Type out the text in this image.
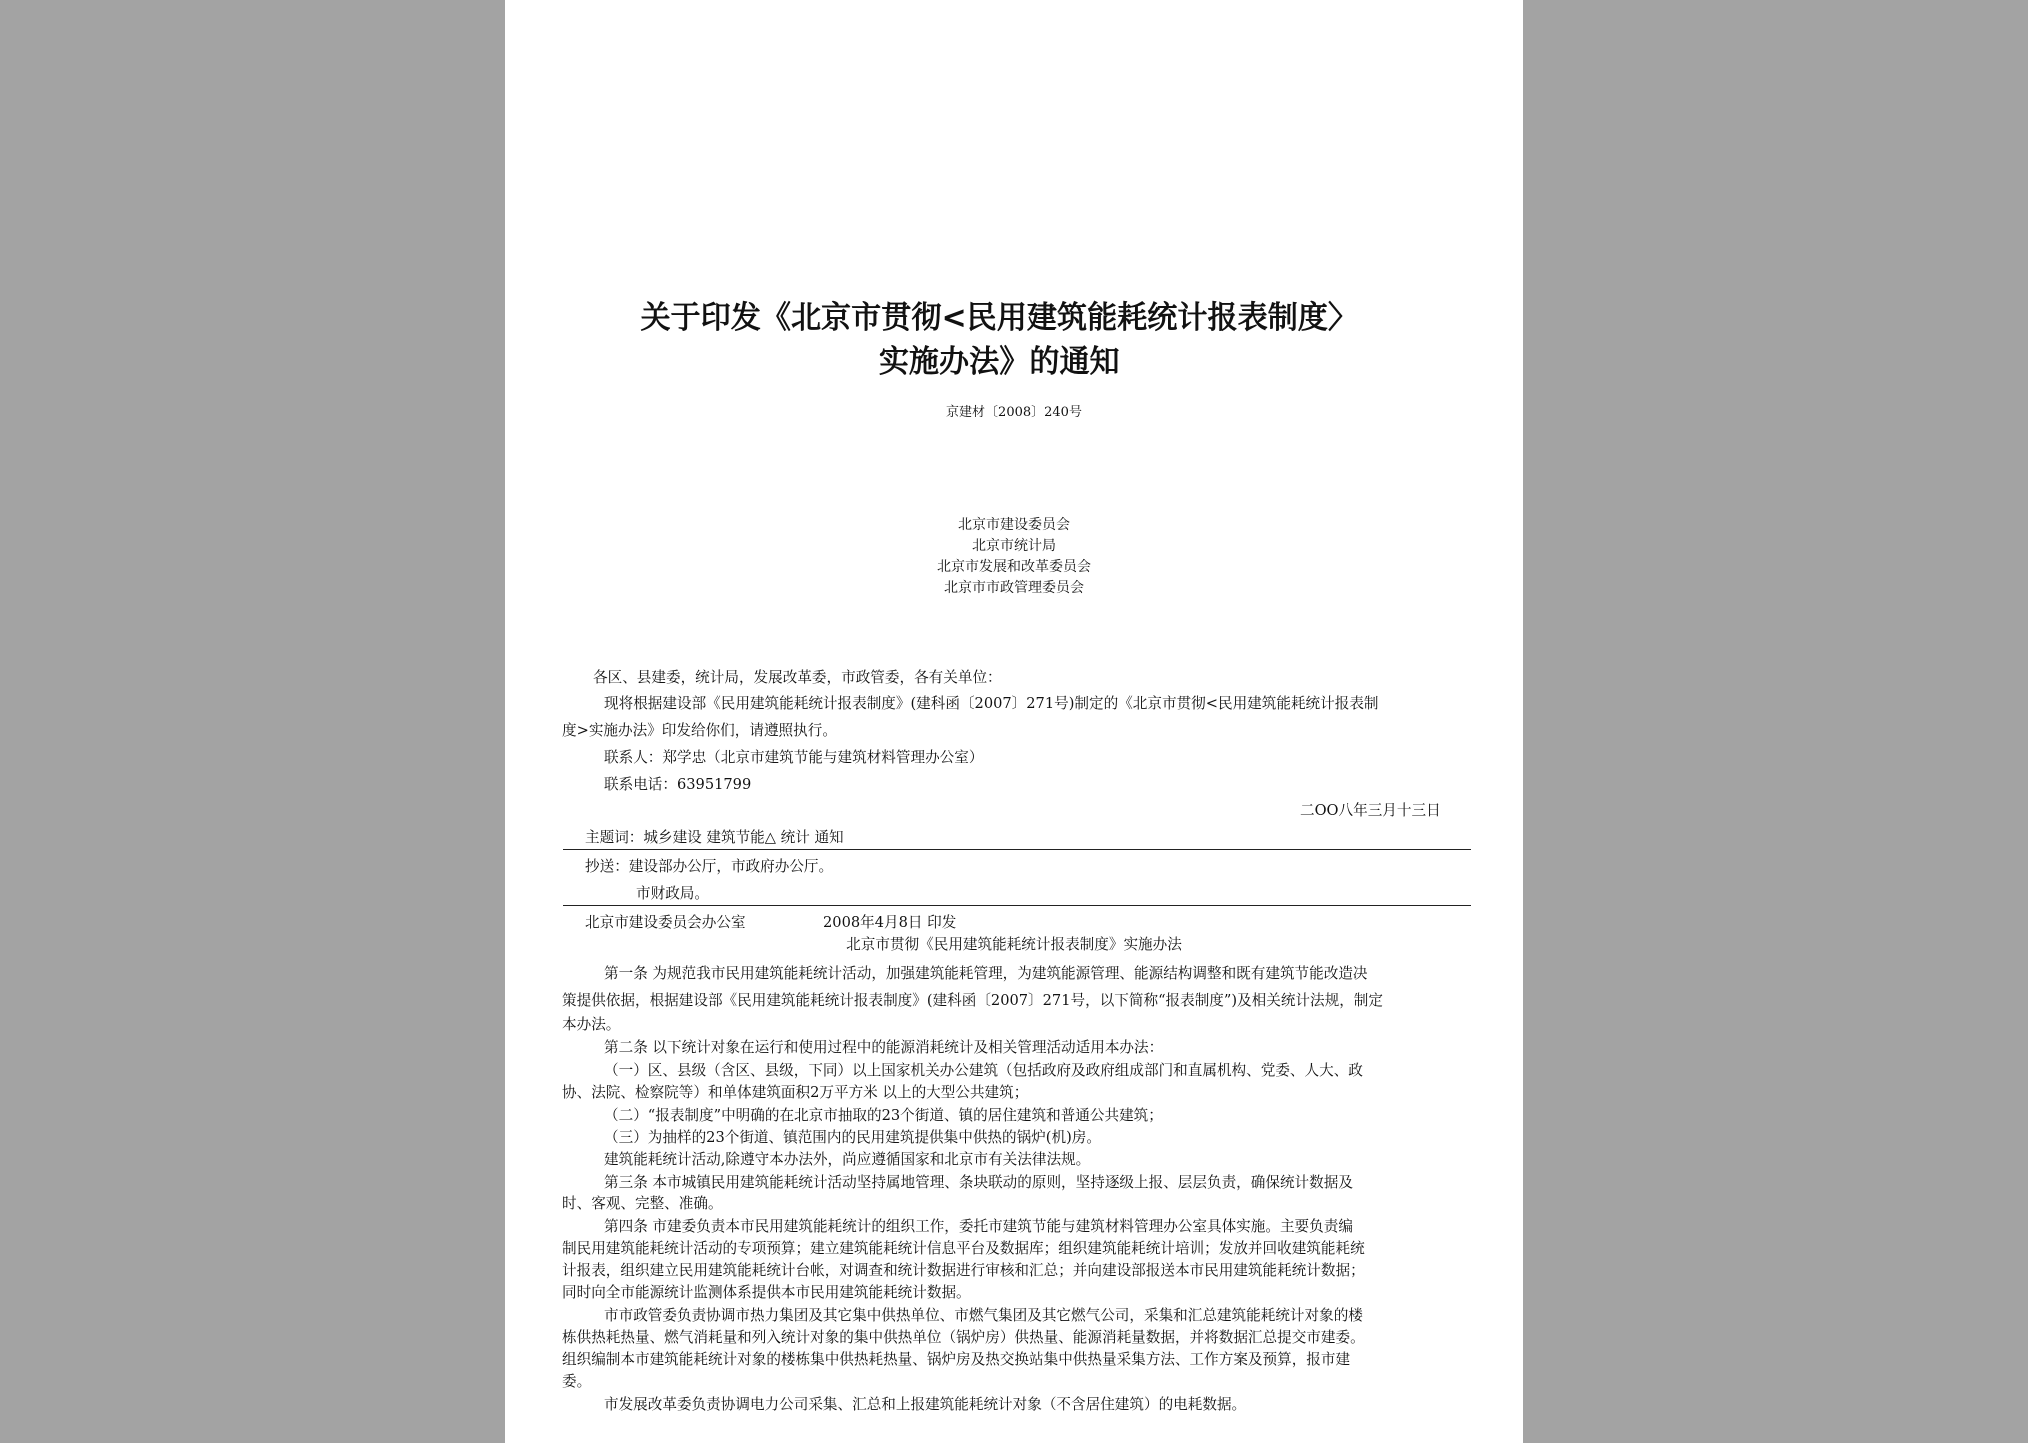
关于印发《北京市贯彻<民用建筑能耗统计报表制度〉
实施办法》的通知
京建材〔2008〕240号
北京市建设委员会
北京市统计局
北京市发展和改革委员会
北京市市政管理委员会
各区、县建委，统计局，发展改革委，市政管委，各有关单位：
现将根据建设部《民用建筑能耗统计报表制度》(建科函〔2007〕271号)制定的《北京市贯彻<民用建筑能耗统计报表制
度>实施办法》印发给你们，请遵照执行。
联系人：郑学忠（北京市建筑节能与建筑材料管理办公室）
联系电话：63951799
二OO八年三月十三日
主题词：城乡建设 建筑节能△ 统计 通知
抄送：建设部办公厅，市政府办公厅。
市财政局。
北京市建设委员会办公室	2008年4月8日 印发
北京市贯彻《民用建筑能耗统计报表制度》实施办法
第一条 为规范我市民用建筑能耗统计活动，加强建筑能耗管理，为建筑能源管理、能源结构调整和既有建筑节能改造决
策提供依据，根据建设部《民用建筑能耗统计报表制度》(建科函〔2007〕271号，以下简称“报表制度”)及相关统计法规，制定
本办法。
第二条 以下统计对象在运行和使用过程中的能源消耗统计及相关管理活动适用本办法：
（一）区、县级（含区、县级，下同）以上国家机关办公建筑（包括政府及政府组成部门和直属机构、党委、人大、政
协、法院、检察院等）和单体建筑面积2万平方米 以上的大型公共建筑；
（二）“报表制度”中明确的在北京市抽取的23个街道、镇的居住建筑和普通公共建筑；
（三）为抽样的23个街道、镇范围内的民用建筑提供集中供热的锅炉(机)房。
建筑能耗统计活动,除遵守本办法外，尚应遵循国家和北京市有关法律法规。
第三条 本市城镇民用建筑能耗统计活动坚持属地管理、条块联动的原则，坚持逐级上报、层层负责，确保统计数据及
时、客观、完整、准确。
第四条 市建委负责本市民用建筑能耗统计的组织工作，委托市建筑节能与建筑材料管理办公室具体实施。主要负责编
制民用建筑能耗统计活动的专项预算；建立建筑能耗统计信息平台及数据库；组织建筑能耗统计培训；发放并回收建筑能耗统
计报表，组织建立民用建筑能耗统计台帐，对调查和统计数据进行审核和汇总；并向建设部报送本市民用建筑能耗统计数据；
同时向全市能源统计监测体系提供本市民用建筑能耗统计数据。
市市政管委负责协调市热力集团及其它集中供热单位、市燃气集团及其它燃气公司，采集和汇总建筑能耗统计对象的楼
栋供热耗热量、燃气消耗量和列入统计对象的集中供热单位（锅炉房）供热量、能源消耗量数据，并将数据汇总提交市建委。
组织编制本市建筑能耗统计对象的楼栋集中供热耗热量、锅炉房及热交换站集中供热量采集方法、工作方案及预算，报市建
委。
市发展改革委负责协调电力公司采集、汇总和上报建筑能耗统计对象（不含居住建筑）的电耗数据。
